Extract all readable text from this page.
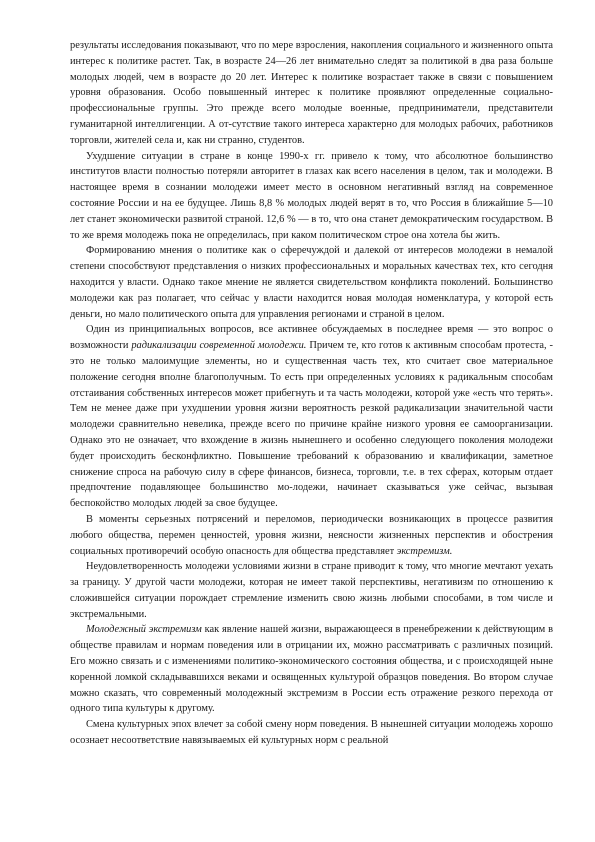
результаты исследования показывают, что по мере взросления, накопления социального и жизненного опыта интерес к политике растет. Так, в возрасте 24—26 лет внимательно следят за политикой в два раза больше молодых людей, чем в возрасте до 20 лет. Интерес к политике возрастает также в связи с повышением уровня образования. Особо повышенный интерес к политике проявляют определенные социально-профессиональные группы. Это прежде всего молодые военные, предприниматели, представители гуманитарной интеллигенции. А от-сутствие такого интереса характерно для молодых рабочих, работников торговли, жителей села и, как ни странно, студентов.

Ухудшение ситуации в стране в конце 1990-х гг. привело к тому, что абсолютное большинство институтов власти полностью потеряли авторитет в глазах как всего населения в целом, так и молодежи. В настоящее время в сознании молодежи имеет место в основном негативный взгляд на современное состояние России и на ее будущее. Лишь 8,8 % молодых людей верят в то, что Россия в ближайшие 5—10 лет станет экономически развитой страной. 12,6 % — в то, что она станет демократическим государством. В то же время молодежь пока не определилась, при каком политическом строе она хотела бы жить.

Формированию мнения о политике как о сферечуждой и далекой от интересов молодежи в немалой степени способствуют представления о низких профессиональных и моральных качествах тех, кто сегодня находится у власти. Однако такое мнение не является свидетельством конфликта поколений. Большинство молодежи как раз полагает, что сейчас у власти находится новая молодая номенклатура, у которой есть деньги, но мало политического опыта для управления регионами и страной в целом.

Один из принципиальных вопросов, все активнее обсуждаемых в последнее время — это вопрос о возможности радикализации современной молодежи. Причем те, кто готов к активным способам протеста, - это не только малоимущие элементы, но и существенная часть тех, кто считает свое материальное положение сегодня вполне благополучным. То есть при определенных условиях к радикальным способам отстаивания собственных интересов может прибегнуть и та часть молодежи, которой уже «есть что терять». Тем не менее даже при ухудшении уровня жизни вероятность резкой радикализации значительной части молодежи сравнительно невелика, прежде всего по причине крайне низкого уровня ее самоорганизации. Однако это не означает, что вхождение в жизнь нынешнего и особенно следующего поколения молодежи будет происходить бесконфликтно. Повышение требований к образованию и квалификации, заметное снижение спроса на рабочую силу в сфере финансов, бизнеса, торговли, т.е. в тех сферах, которым отдает предпочтение подавляющее большинство мо-лодежи, начинает сказываться уже сейчас, вызывая беспокойство молодых людей за свое будущее.

В моменты серьезных потрясений и переломов, периодически возникающих в процессе развития любого общества, перемен ценностей, уровня жизни, неясности жизненных перспектив и обострения социальных противоречий особую опасность для общества представляет экстремизм.

Неудовлетворенность молодежи условиями жизни в стране приводит к тому, что многие мечтают уехать за границу. У другой части молодежи, которая не имеет такой перспективы, негативизм по отношению к сложившейся ситуации порождает стремление изменить свою жизнь любыми способами, в том числе и экстремальными.

Молодежный экстремизм как явление нашей жизни, выражающееся в пренебрежении к действующим в обществе правилам и нормам поведения или в отрицании их, можно рассматривать с различных позиций. Его можно связать и с изменениями политико-экономического состояния общества, и с происходящей ныне коренной ломкой складывавшихся веками и освященных культурой образцов поведения. Во втором случае можно сказать, что современный молодежный экстремизм в России есть отражение резкого перехода от одного типа культуры к другому.

Смена культурных эпох влечет за собой смену норм поведения. В нынешней ситуации молодежь хорошо осознает несоответствие навязываемых ей культурных норм с реальной
